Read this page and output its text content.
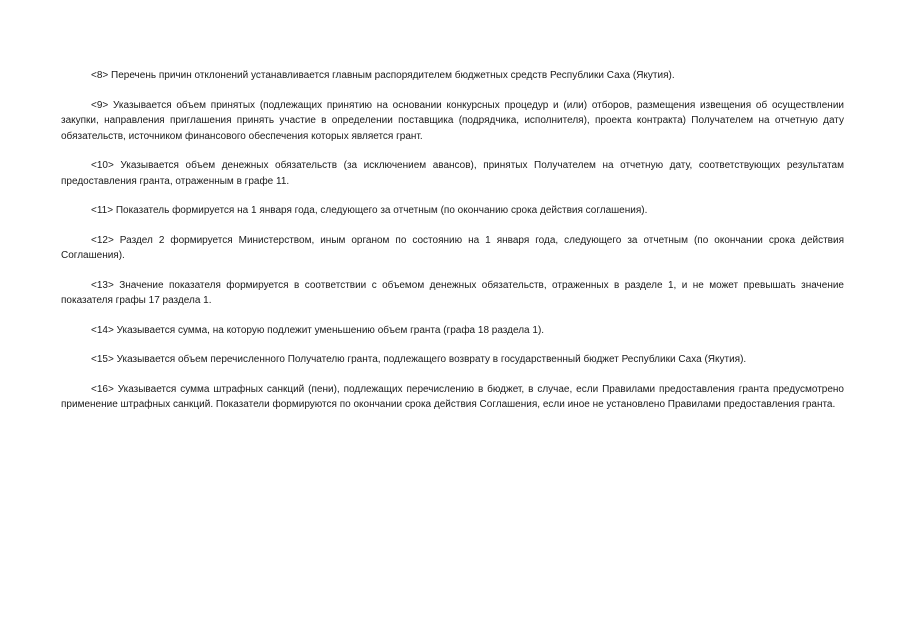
<8> Перечень причин отклонений устанавливается главным распорядителем бюджетных средств Республики Саха (Якутия).

<9> Указывается объем принятых (подлежащих принятию на основании конкурсных процедур и (или) отборов, размещения извещения об осуществлении закупки, направления приглашения принять участие в определении поставщика (подрядчика, исполнителя), проекта контракта) Получателем на отчетную дату обязательств, источником финансового обеспечения которых является грант.

<10> Указывается объем денежных обязательств (за исключением авансов), принятых Получателем на отчетную дату, соответствующих результатам предоставления гранта, отраженным в графе 11.

<11> Показатель формируется на 1 января года, следующего за отчетным (по окончанию срока действия соглашения).

<12> Раздел 2 формируется Министерством, иным органом по состоянию на 1 января года, следующего за отчетным (по окончании срока действия Соглашения).

<13> Значение показателя формируется в соответствии с объемом денежных обязательств, отраженных в разделе 1, и не может превышать значение показателя графы 17 раздела 1.

<14> Указывается сумма, на которую подлежит уменьшению объем гранта (графа 18 раздела 1).

<15> Указывается объем перечисленного Получателю гранта, подлежащего возврату в государственный бюджет Республики Саха (Якутия).

<16> Указывается сумма штрафных санкций (пени), подлежащих перечислению в бюджет, в случае, если Правилами предоставления гранта предусмотрено применение штрафных санкций. Показатели формируются по окончании срока действия Соглашения, если иное не установлено Правилами предоставления гранта.
